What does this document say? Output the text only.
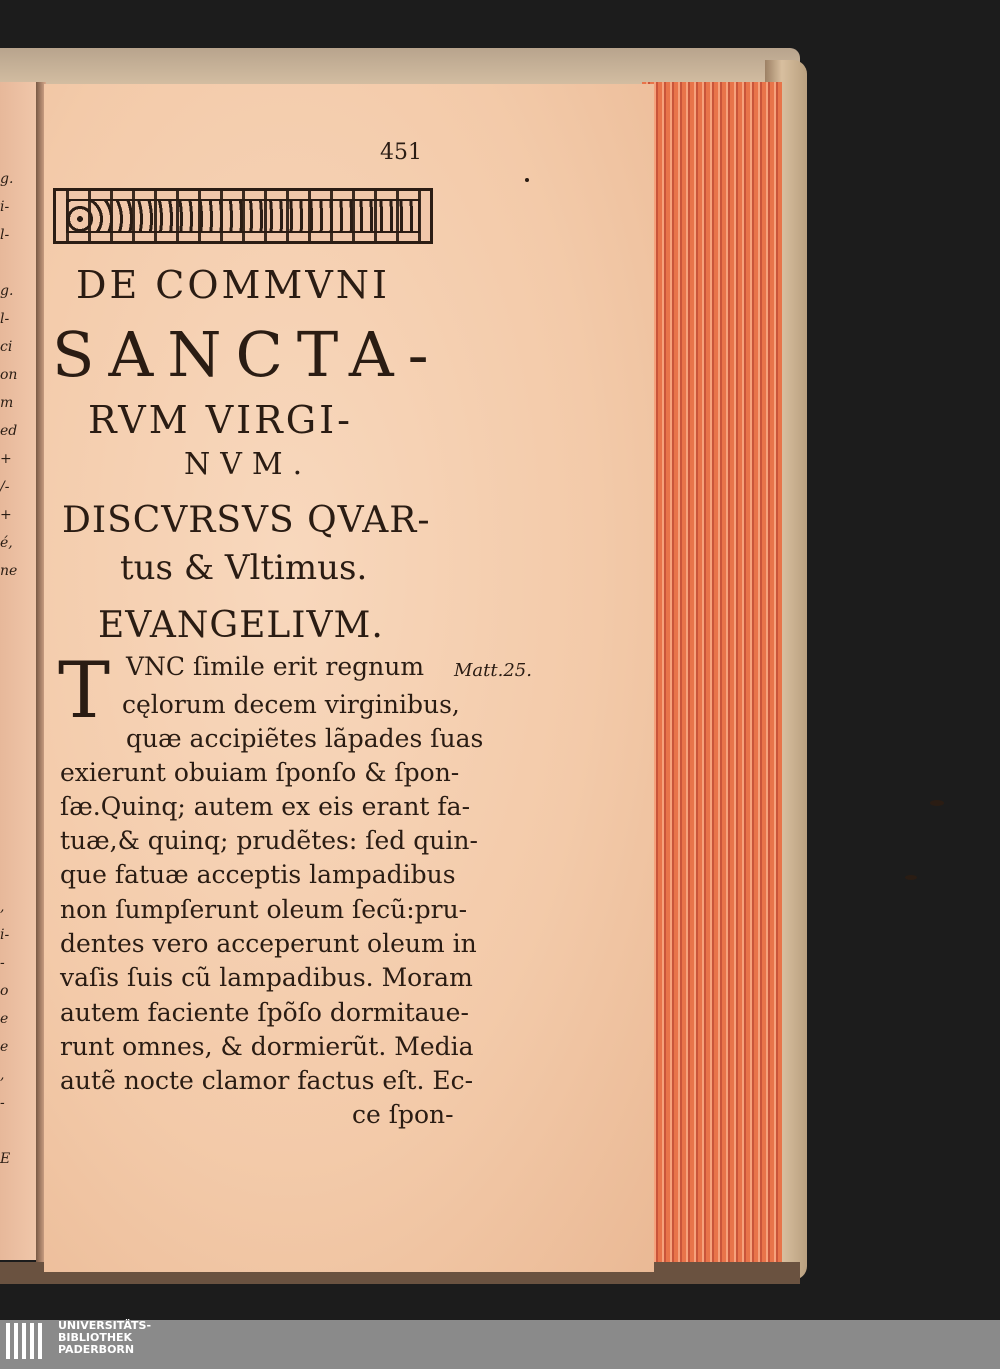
g.
i-
l-
g.
l-
ci
on
m
ed
+
/-
+
é,
ne
,
i-
-
o
e
e
,
-
E
451
DE COMMVNI
SANCTA-
RVM VIRGI-
NVM.
DISCVRSVS QVAR-
tus & Vltimus.
EVANGELIVM.
Matt.25.
T VNC ſimile erit regnum
cęlorum decem virginibus,
quæ accipiẽtes lãpades ſuas
exierunt obuiam ſponſo & ſpon-
ſæ.Quinq; autem ex eis erant fa-
tuæ,& quinq; prudẽtes: ſed quin-
que fatuæ acceptis lampadibus
non ſumpſerunt oleum ſecũ:pru-
dentes vero acceperunt oleum in
vaſis ſuis cũ lampadibus. Moram
autem faciente ſpõſo dormitaue-
runt omnes, & dormierũt. Media
autẽ nocte clamor factus eſt. Ec-
ce ſpon-
UNIVERSITÄTS-
BIBLIOTHEK
PADERBORN
